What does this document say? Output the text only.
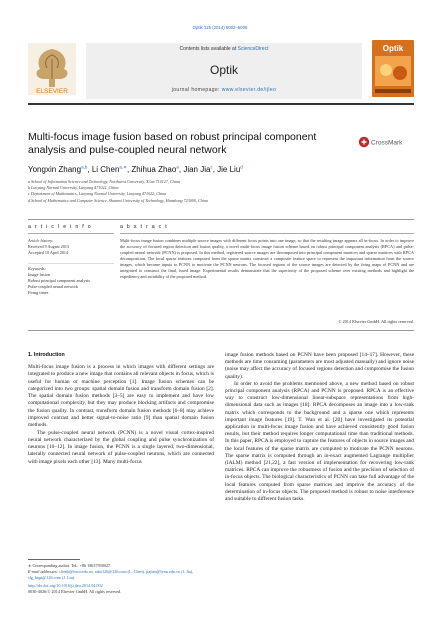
Optik 125 (2014) 5002–5006
ELSEVIER
Contents lists available at ScienceDirect
Optik
journal homepage: www.elsevier.de/ijleo
Optik
Multi-focus image fusion based on robust principal component analysis and pulse-coupled neural network
CrossMark
Yongxin Zhang$^{a,b}$, Li Chen$^{a,∗}$, Zhihua Zhao$^a$, Jian Jia$^c$, Jie Liu$^d$
a School of Information Science and Technology, Northwest University, Xi'an 710127, China
b Luoyang Normal University, Luoyang 471022, China
c Department of Mathematics, Luoyang Normal University, Luoyang 471022, China
d School of Mathematics and Computer Science, Shaanxi University of Technology, Hanzhong 723000, China
a r t i c l e i n f o
Article history:
Received 9 August 2013
Accepted 10 April 2014
Keywords:
Image fusion
Robust principal component analysis
Pulse-coupled neural network
Firing times
a b s t r a c t
Multi-focus image fusion combines multiple source images with different focus points into one image, so that the resulting image appears all in-focus. In order to improve the accuracy of focused region detection and fusion quality, a novel multi-focus image fusion scheme based on robust principal component analysis (RPCA) and pulse-coupled neural network (PCNN) is proposed. In this method, registered source images are decomposed into principal component matrices and sparse matrices with RPCA decomposition. The local sparse features computed from the sparse matrix construct a composite feature space to represent the important information from the source images, which become inputs to PCNN to motivate the PCNN neurons. The focused regions of the source images are detected by the firing maps of PCNN and are integrated to construct the final, fused image. Experimental results demonstrate that the superiority of the proposed scheme over existing methods and highlight the expediency and suitability of the proposed method.
© 2014 Elsevier GmbH. All rights reserved.
1. Introduction

Multi-focus image fusion is a process in which images with different settings are integrated to produce a new image that contains all relevant objects in focus, which is useful for human or machine perception [1]. Image fusion schemes can be categorized into two groups: spatial domain fusion and transform domain fusion [2]. The spatial domain fusion methods [3–5] are easy to implement and have low computational complexity, but they may produce blocking artifacts and compromise the fusion quality. In contrast, transform domain fusion methods [6–8] may achieve improved contrast and better signal-to-noise ratio [9] than spatial domain fusion methods.

The pulse-coupled neural network (PCNN) is a novel visual cortex-inspired neural network characterized by the global coupling and pulse synchronization of neurons [10–12]. In image fusion, the PCNN is a single layered, two-dimensional, laterally connected neural network of pulse-coupled neurons, which are connected with image pixels each other [13]. Many multi-focus

image fusion methods based on PCNN have been proposed [14–17]. However, these methods are time consuming (parameters are most adjusted manually) and ignore noise (noise may affect the accuracy of focused regions detection and compromise the fusion quality).

In order to avoid the problems mentioned above, a new method based on robust principal component analysis (RPCA) and PCNN is proposed. RPCA is an effective way to construct low-dimensional linear-subspace representations from high-dimensional data such as images [18]. RPCA decomposes an image into a low-rank matrix which corresponds to the background and a sparse one which represents important image features [19]. T. Wan et al. [20] have investigated its potential application in multi-focus image fusion and have achieved consistently good fusion results, but their method requires longer computational time than traditional methods. In this paper, RPCA is employed to capture the features of objects in source images and the local features of the sparse matrix are computed to motivate the PCNN neurons. The sparse matrix is computed through an in-exact augmented Lagrange multiplier (IALM) method [21,22], a fast version of implementation for recovering low-rank matrices. RPCA can improve the robustness of fusion and the precision of selection of in-focus objects. The biological characteristics of PCNN can take full advantage of the local features computed from sparse matrices and improve the accuracy of the determination of in-focus objects. The proposed method is robust to noise interference and suitable to different fusion tasks.

∗ Corresponding author. Tel.: +86 18637930027.
E-mail addresses: chenli@nwu.edu.cn, tabo126@126.com (L. Chen), jiajian@lynu.edu.cn (J. Jia), slg_bupt@126.com (J. Liu).
http://dx.doi.org/10.1016/j.ijleo.2014.04.002
0030-4026/© 2014 Elsevier GmbH. All rights reserved.
